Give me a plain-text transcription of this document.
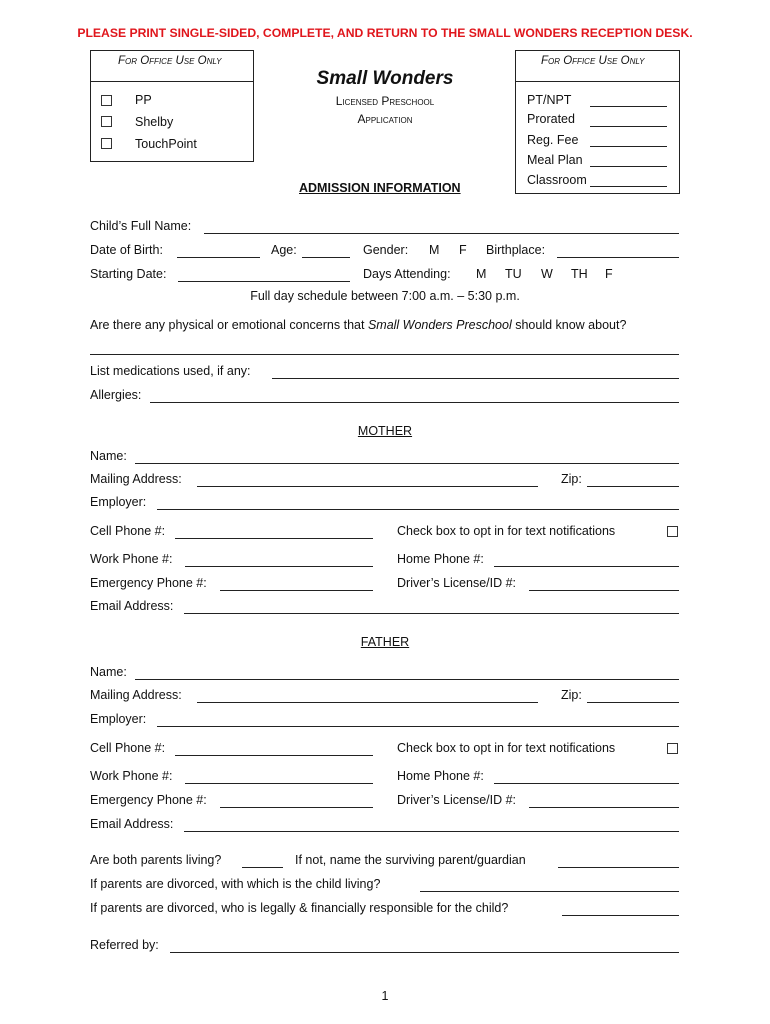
PLEASE PRINT SINGLE-SIDED, COMPLETE, AND RETURN TO THE SMALL WONDERS RECEPTION DESK.
For Office Use Only
PP
Shelby
TouchPoint
Small Wonders
Licensed Preschool
Application
For Office Use Only
PT/NPT
Prorated
Reg. Fee
Meal Plan
Classroom
ADMISSION INFORMATION
Child’s Full Name:
Date of Birth:	Age:	Gender: M F Birthplace:
Starting Date:	Days Attending: M TU W TH F
Full day schedule between 7:00 a.m. – 5:30 p.m.
Are there any physical or emotional concerns that Small Wonders Preschool should know about?
List medications used, if any:
Allergies:
MOTHER
Name:
Mailing Address:	Zip:
Employer:
Cell Phone #:	Check box to opt in for text notifications
Work Phone #:	Home Phone #:
Emergency Phone #:	Driver’s License/ID #:
Email Address:
FATHER
Name:
Mailing Address:	Zip:
Employer:
Cell Phone #:	Check box to opt in for text notifications
Work Phone #:	Home Phone #:
Emergency Phone #:	Driver’s License/ID #:
Email Address:
Are both parents living?	If not, name the surviving parent/guardian
If parents are divorced, with which is the child living?
If parents are divorced, who is legally & financially responsible for the child?
Referred by:
1
